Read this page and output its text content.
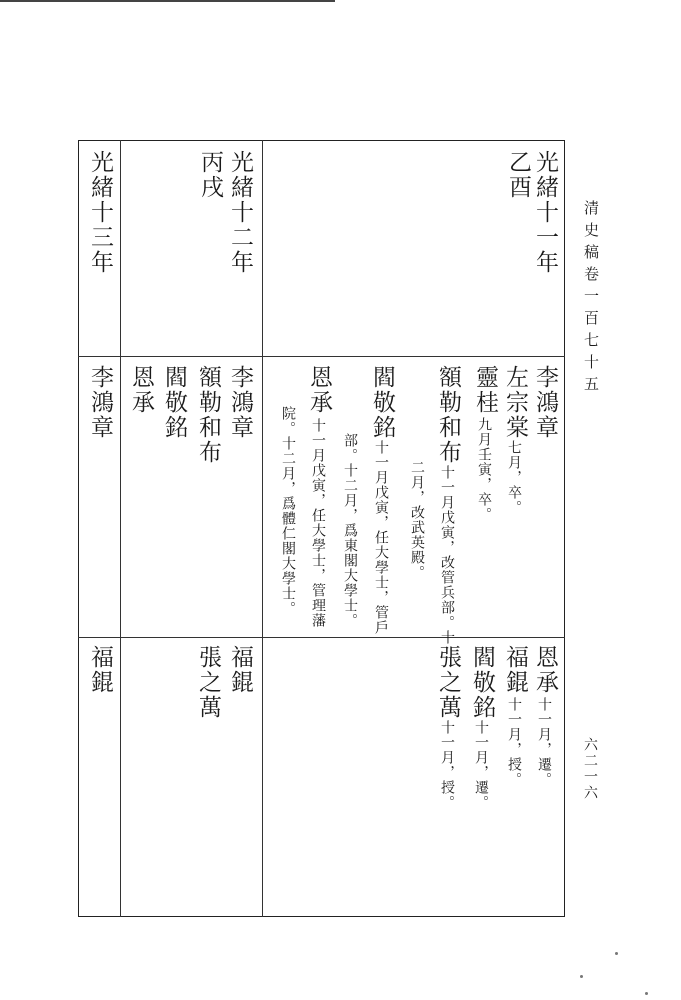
清史稿卷一百七十五
六二一六
光緒十一年
乙酉
光緒十二年
丙戌
光緒十三年
李鴻章
左宗棠
七月，卒。
靈桂
九月壬寅，卒。
額勒和布
十一月戊寅，改管兵部。十
二月，改武英殿。
閻敬銘
十一月戊寅，任大學士，管戶
部。十二月，爲東閣大學士。
恩承
十一月戊寅，任大學士，管理藩
院。十二月，爲體仁閣大學士。
李鴻章
額勒和布
閻敬銘
恩承
李鴻章
恩承
十一月，遷。
福錕
十一月，授。
閻敬銘
十一月，遷。
張之萬
十一月，授。
福錕
張之萬
福錕
